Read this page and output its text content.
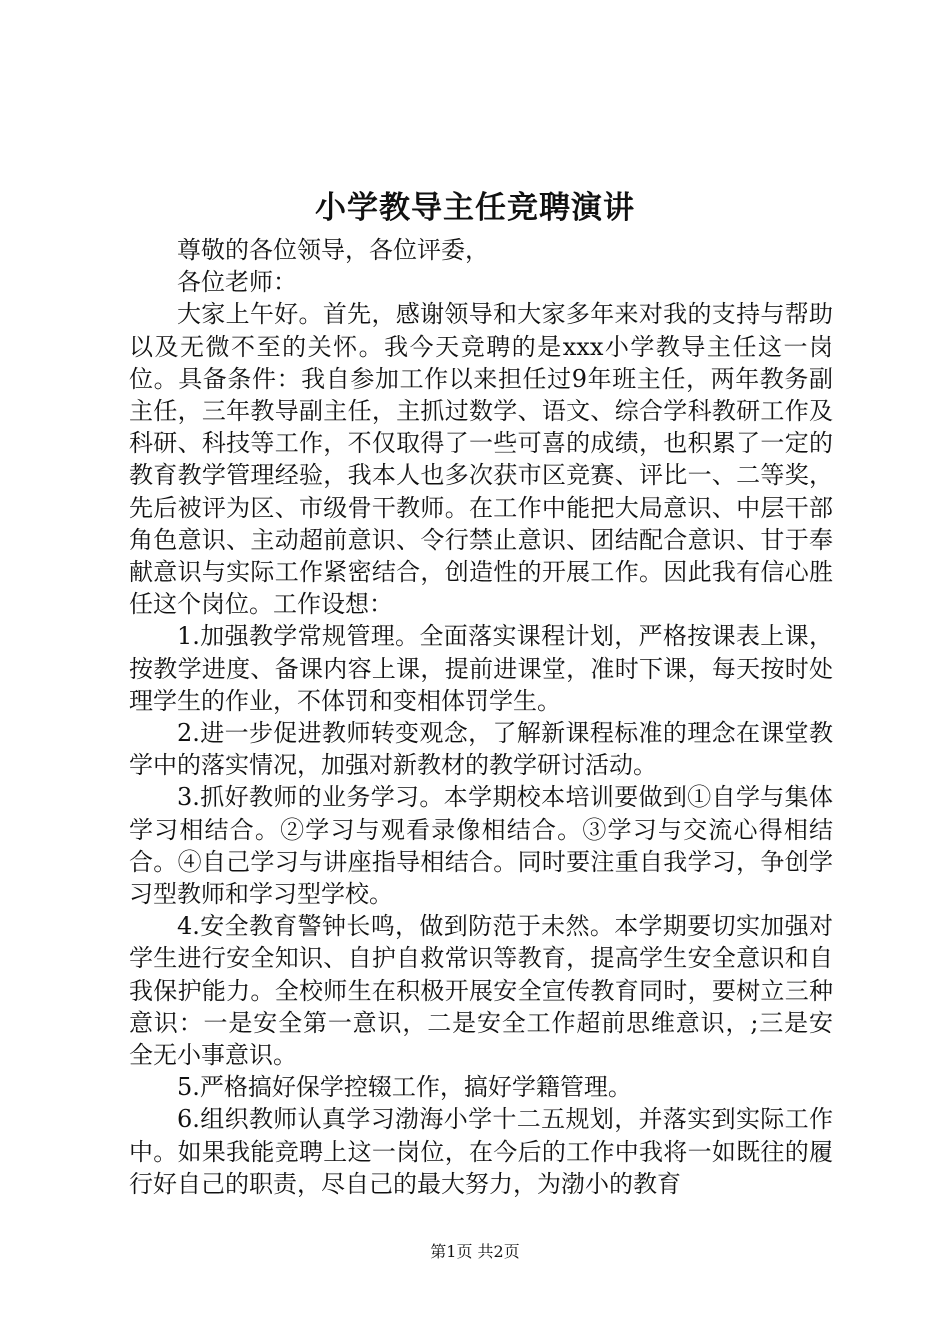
小学教导主任竞聘演讲

尊敬的各位领导，各位评委，

各位老师：

大家上午好。首先，感谢领导和大家多年来对我的支持与帮助以及无微不至的关怀。我今天竞聘的是xxx小学教导主任这一岗位。具备条件：我自参加工作以来担任过9年班主任，两年教务副主任，三年教导副主任，主抓过数学、语文、综合学科教研工作及科研、科技等工作，不仅取得了一些可喜的成绩，也积累了一定的教育教学管理经验，我本人也多次获市区竞赛、评比一、二等奖，先后被评为区、市级骨干教师。在工作中能把大局意识、中层干部角色意识、主动超前意识、令行禁止意识、团结配合意识、甘于奉献意识与实际工作紧密结合，创造性的开展工作。因此我有信心胜任这个岗位。工作设想：

1.加强教学常规管理。全面落实课程计划，严格按课表上课，按教学进度、备课内容上课，提前进课堂，准时下课，每天按时处理学生的作业，不体罚和变相体罚学生。

2.进一步促进教师转变观念，了解新课程标准的理念在课堂教学中的落实情况，加强对新教材的教学研讨活动。

3.抓好教师的业务学习。本学期校本培训要做到①自学与集体学习相结合。②学习与观看录像相结合。③学习与交流心得相结合。④自己学习与讲座指导相结合。同时要注重自我学习，争创学习型教师和学习型学校。

4.安全教育警钟长鸣，做到防范于未然。本学期要切实加强对学生进行安全知识、自护自救常识等教育，提高学生安全意识和自我保护能力。全校师生在积极开展安全宣传教育同时，要树立三种意识：一是安全第一意识，二是安全工作超前思维意识，;三是安全无小事意识。

5.严格搞好保学控辍工作，搞好学籍管理。

6.组织教师认真学习渤海小学十二五规划，并落实到实际工作中。如果我能竞聘上这一岗位，在今后的工作中我将一如既往的履行好自己的职责，尽自己的最大努力，为渤小的教育

第1页 共2页
